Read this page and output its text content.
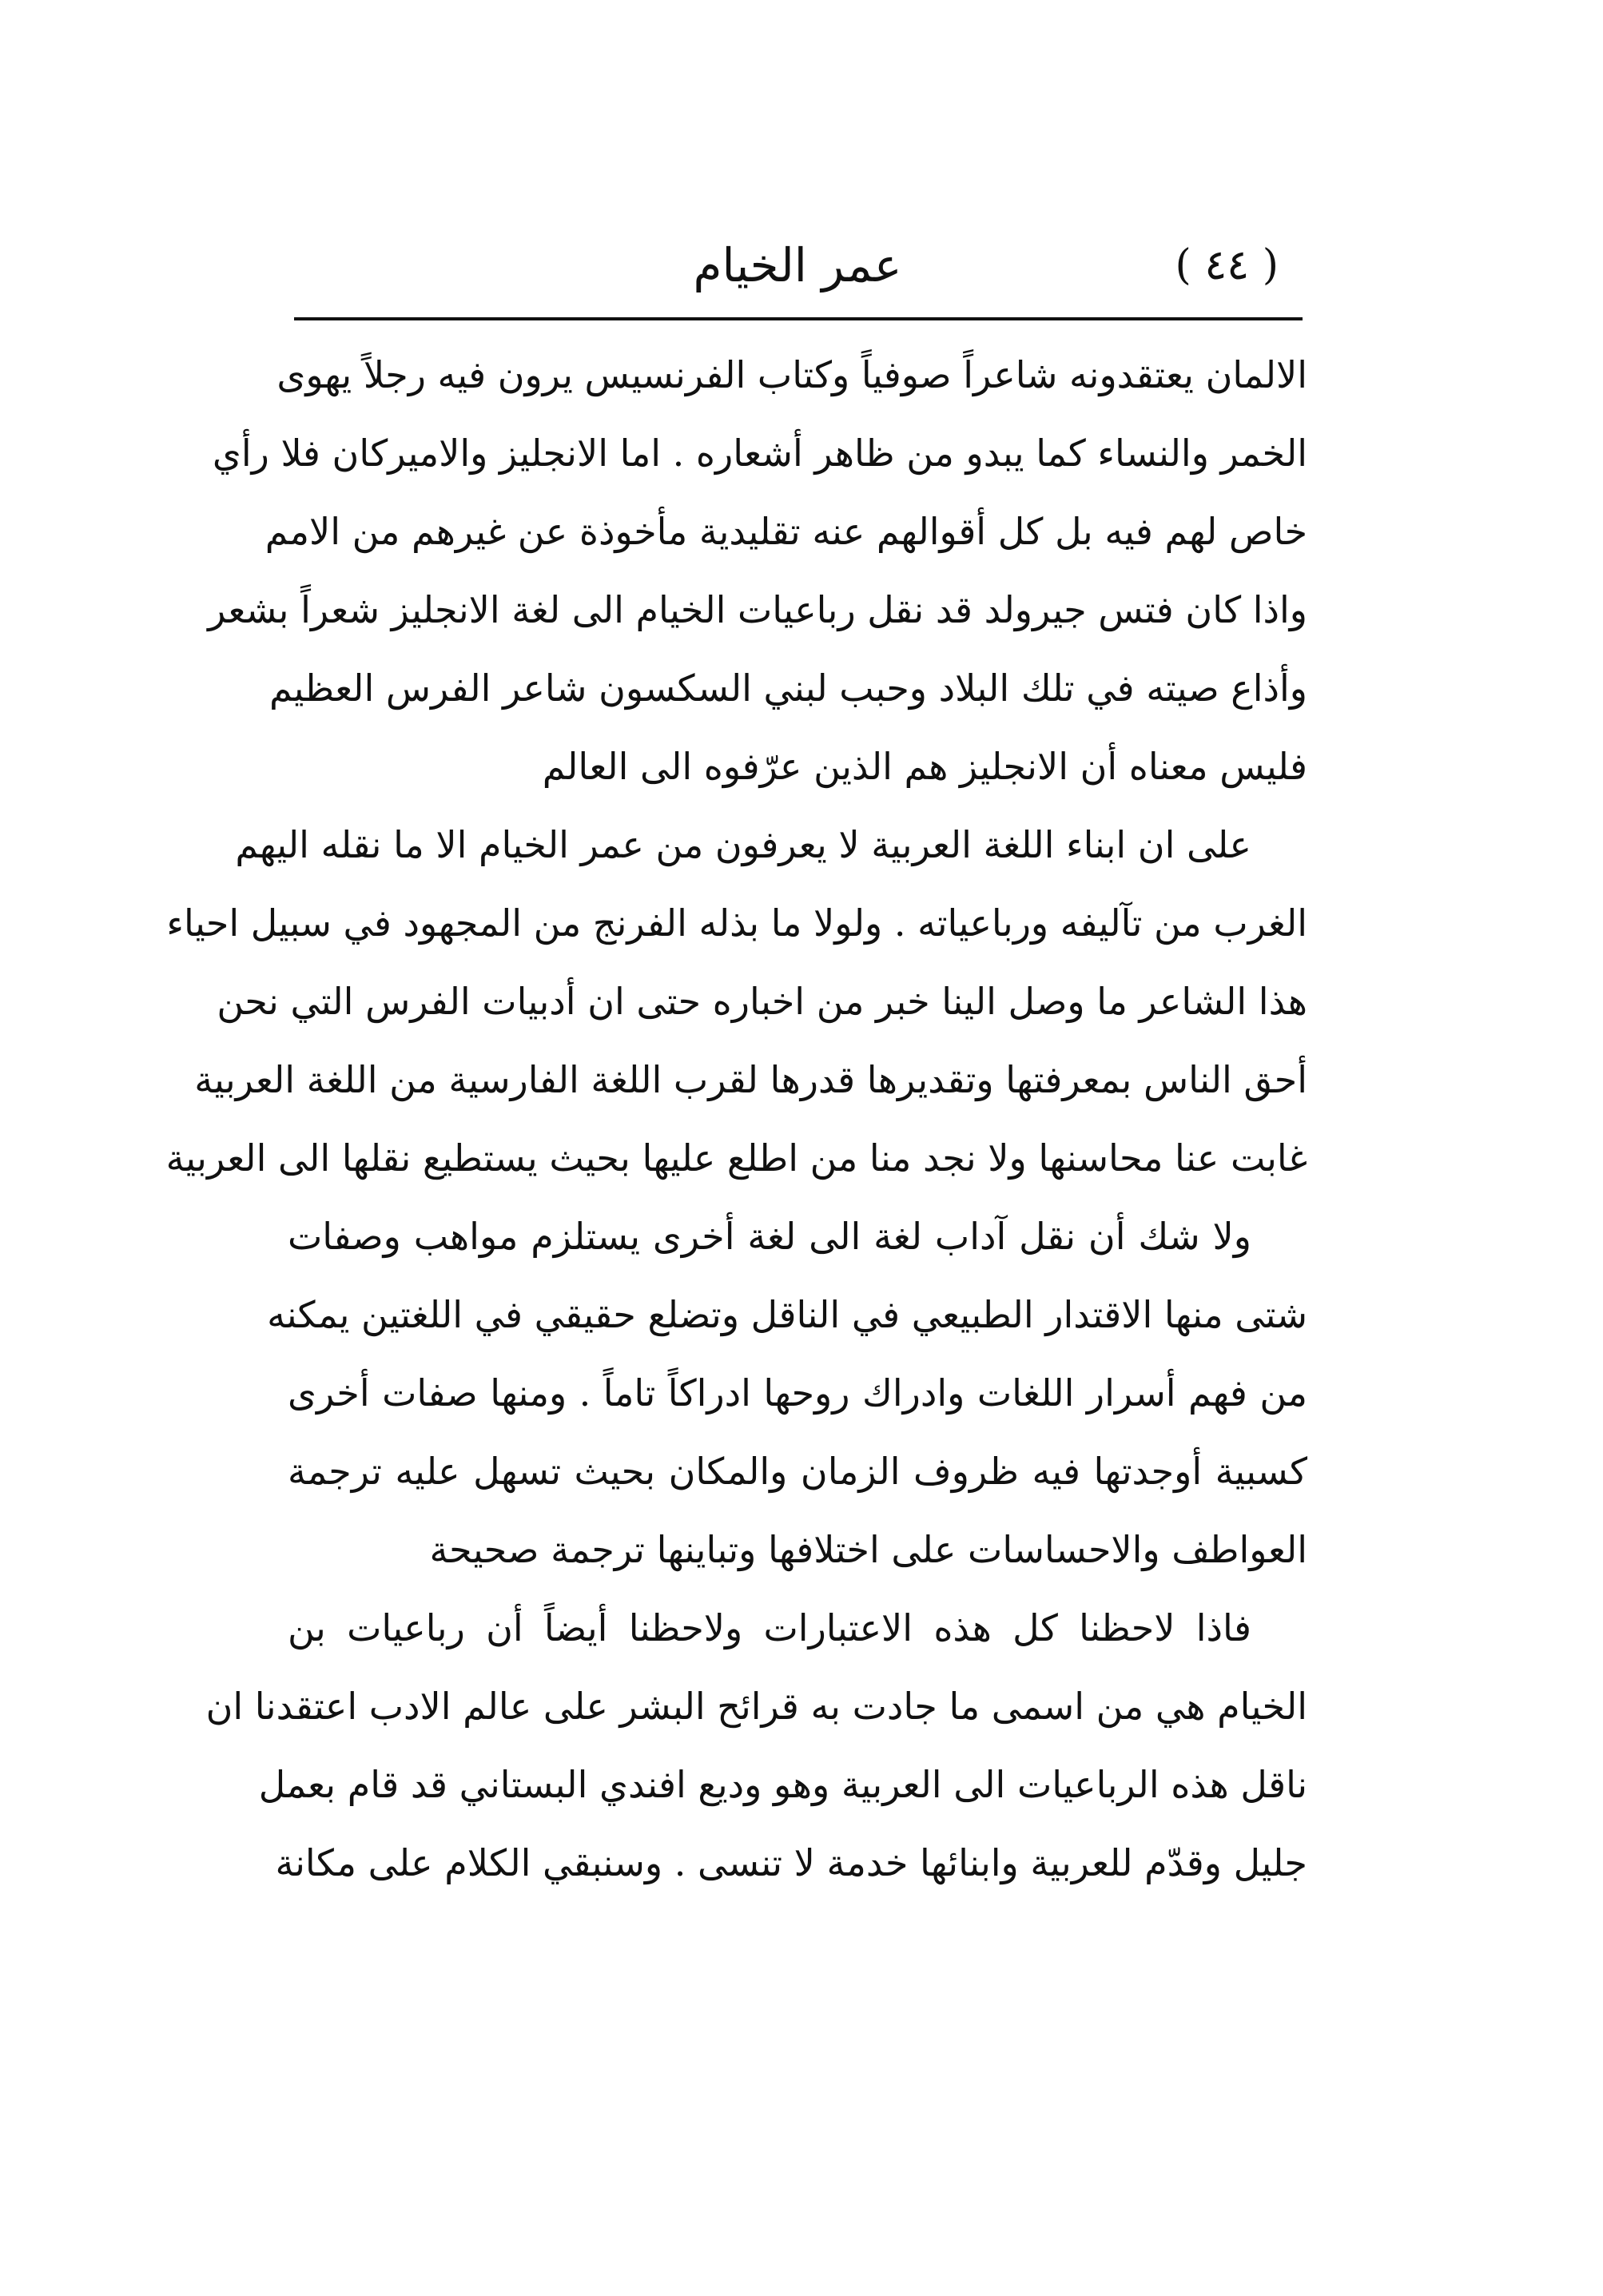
( ٤٤ )
عمر الخيام
الالمان يعتقدونه شاعراً صوفياً وكتاب الفرنسيس يرون فيه رجلاً يهوى
الخمر والنساء كما يبدو من ظاهر أشعاره . اما الانجليز والاميركان فلا رأي
خاص لهم فيه بل كل أقوالهم عنه تقليدية مأخوذة عن غيرهم من الامم
واذا كان فتس جيرولد قد نقل رباعيات الخيام الى لغة الانجليز شعراً بشعر
وأذاع صيته في تلك البلاد وحبب لبني السكسون شاعر الفرس العظيم
فليس معناه أن الانجليز هم الذين عرّفوه الى العالم
على ان ابناء اللغة العربية لا يعرفون من عمر الخيام الا ما نقله اليهم
الغرب من تآليفه ورباعياته . ولولا ما بذله الفرنج من المجهود في سبيل احياء
هذا الشاعر ما وصل الينا خبر من اخباره حتى ان أدبيات الفرس التي نحن
أحق الناس بمعرفتها وتقديرها قدرها لقرب اللغة الفارسية من اللغة العربية
غابت عنا محاسنها ولا نجد منا من اطلع عليها بحيث يستطيع نقلها الى العربية
ولا شك أن نقل آداب لغة الى لغة أخرى يستلزم مواهب وصفات
شتى منها الاقتدار الطبيعي في الناقل وتضلع حقيقي في اللغتين يمكنه
من فهم أسرار اللغات وادراك روحها ادراكاً تاماً . ومنها صفات أخرى
كسبية أوجدتها فيه ظروف الزمان والمكان بحيث تسهل عليه ترجمة
العواطف والاحساسات على اختلافها وتباينها ترجمة صحيحة
فاذا لاحظنا كل هذه الاعتبارات ولاحظنا أيضاً أن رباعيات بن
الخيام هي من اسمى ما جادت به قرائح البشر على عالم الادب اعتقدنا ان
ناقل هذه الرباعيات الى العربية وهو وديع افندي البستاني قد قام بعمل
جليل وقدّم للعربية وابنائها خدمة لا تنسى . وسنبقي الكلام على مكانة
